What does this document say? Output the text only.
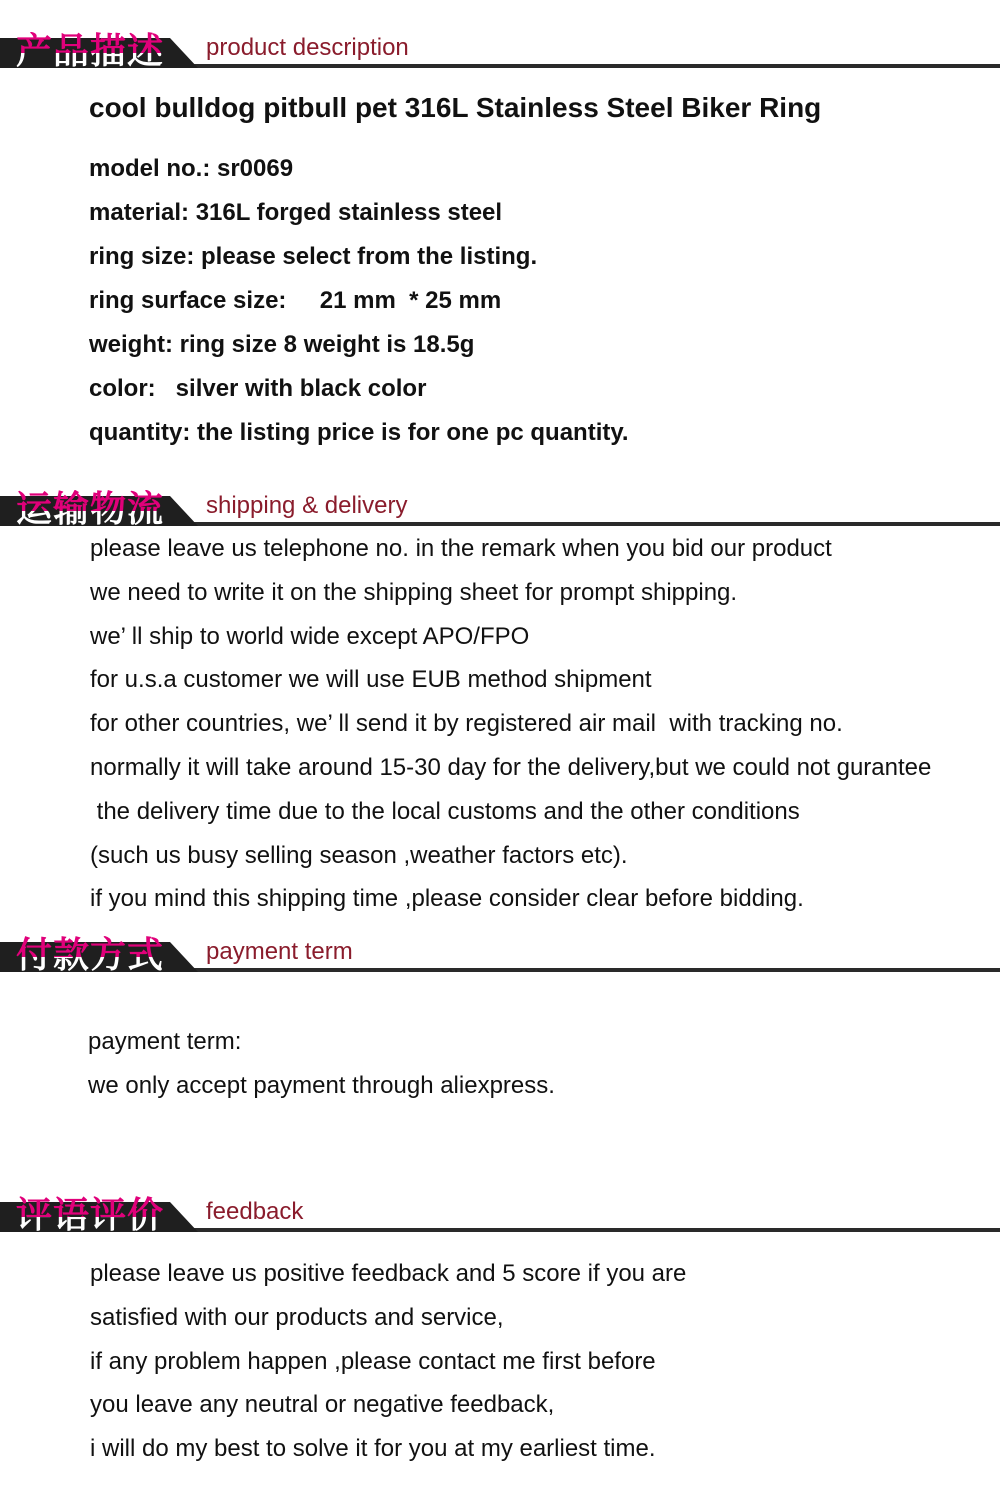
产品描述 product description
cool bulldog pitbull pet 316L Stainless Steel Biker Ring
model no.: sr0069
material: 316L forged stainless steel
ring size: please select from the listing.
ring surface size:     21 mm  * 25 mm
weight: ring size 8 weight is 18.5g
color:   silver with black color
quantity: the listing price is for one pc quantity.
运输物流 shipping & delivery
please leave us telephone no. in the remark when you bid our product
we need to write it on the shipping sheet for prompt shipping.
we’ ll ship to world wide except APO/FPO
for u.s.a customer we will use EUB method shipment
for other countries, we’ ll send it by registered air mail  with tracking no.
normally it will take around 15-30 day for the delivery,but we could not gurantee
the delivery time due to the local customs and the other conditions
(such us busy selling season ,weather factors etc).
if you mind this shipping time ,please consider clear before bidding.
付款方式 payment term
payment term:
we only accept payment through aliexpress.
评语评价 feedback
please leave us positive feedback and 5 score if you are
satisfied with our products and service,
if any problem happen ,please contact me first before
you leave any neutral or negative feedback,
i will do my best to solve it for you at my earliest time.
